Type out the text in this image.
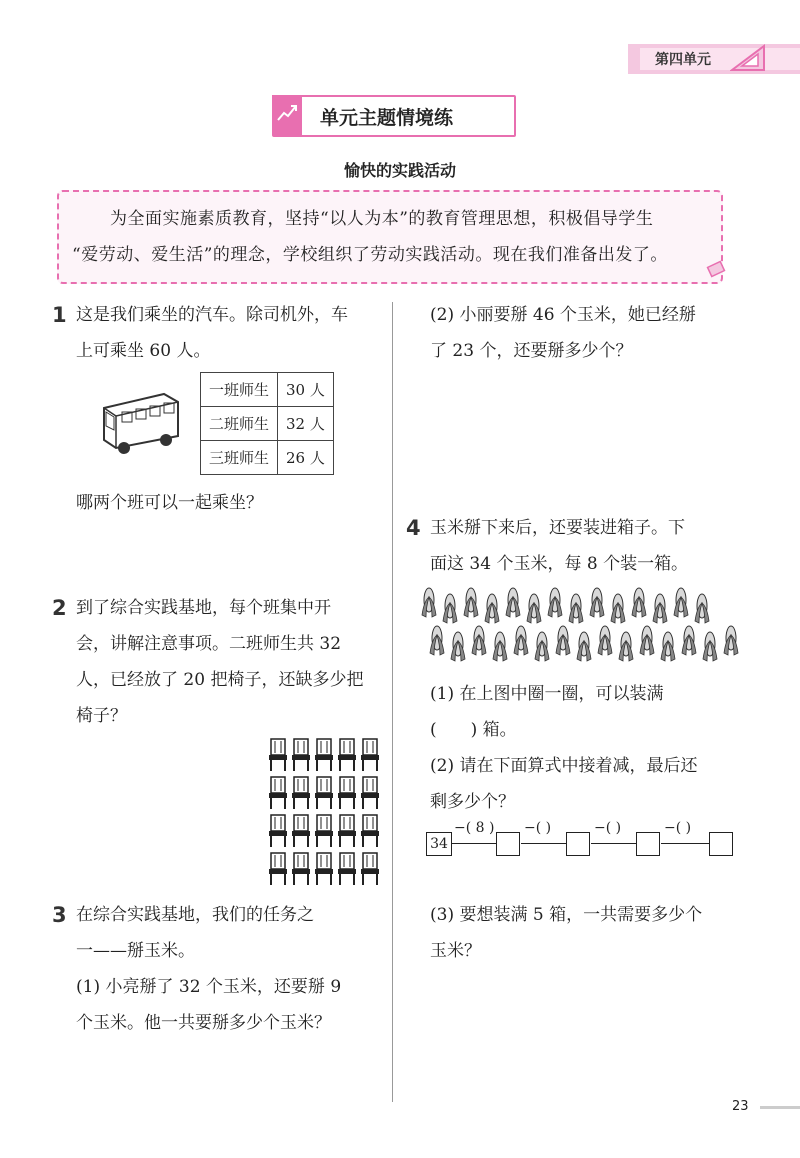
第四单元
单元主题情境练
愉快的实践活动
为全面实施素质教育，坚持“以人为本”的教育管理思想，积极倡导学生
“爱劳动、爱生活”的理念，学校组织了劳动实践活动。现在我们准备出发了。
1 这是我们乘坐的汽车。除司机外，车
上可乘坐 60 人。
一班师生	30 人
二班师生	32 人
三班师生	26 人
哪两个班可以一起乘坐？
2 到了综合实践基地，每个班集中开
会，讲解注意事项。二班师生共 32
人，已经放了 20 把椅子，还缺多少把
椅子？
3 在综合实践基地，我们的任务之
一——掰玉米。
(1) 小亮掰了 32 个玉米，还要掰 9
个玉米。他一共要掰多少个玉米？
(2) 小丽要掰 46 个玉米，她已经掰
了 23 个，还要掰多少个？
4 玉米掰下来后，还要装进箱子。下
面这 34 个玉米，每 8 个装一箱。
(1) 在上图中圈一圈，可以装满
(　　) 箱。
(2) 请在下面算式中接着减，最后还
剩多少个？
34
−( 8 ) −( )	−( )	−( )
(3) 要想装满 5 箱，一共需要多少个
玉米？
23
